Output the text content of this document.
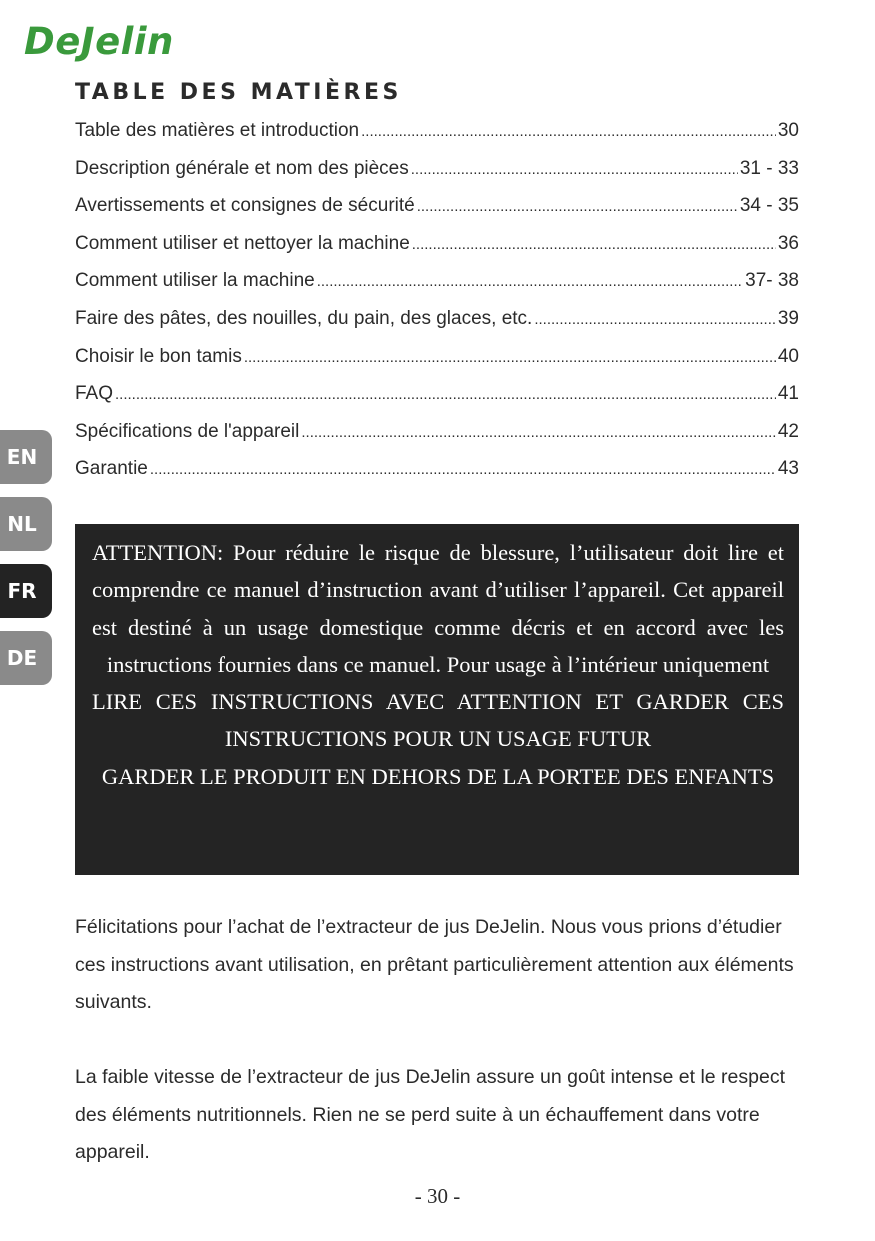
DeJelin
TABLE DES MATIÈRES
Table des matières et introduction .....	30
Description générale et nom des pièces .....	31 - 33
Avertissements et consignes de sécurité .....	34 - 35
Comment utiliser et nettoyer la machine .....	36
Comment utiliser la machine .....	37- 38
Faire des pâtes, des nouilles, du pain, des glaces, etc. .....	39
Choisir le bon tamis .....	40
FAQ .....	41
Spécifications de l'appareil .....	42
Garantie .....	43
EN
NL
FR
DE

ATTENTION: Pour réduire le risque de blessure, l’utilisateur doit lire et comprendre ce manuel d’instruction avant d’utiliser l’appareil. Cet appareil est destiné à un usage domestique comme décris et en accord avec les instructions fournies dans ce manuel. Pour usage à l’intérieur uniquement

LIRE CES INSTRUCTIONS AVEC ATTENTION ET GARDER CES INSTRUCTIONS POUR UN USAGE FUTUR

GARDER LE PRODUIT EN DEHORS DE LA PORTEE DES ENFANTS

Félicitations pour l’achat de l’extracteur de jus DeJelin. Nous vous prions d’étudier ces instructions avant utilisation, en prêtant particulièrement attention aux éléments suivants.

La faible vitesse de l’extracteur de jus DeJelin assure un goût intense et le respect des éléments nutritionnels. Rien ne se perd suite à un échauffement dans votre appareil.

- 30 -
